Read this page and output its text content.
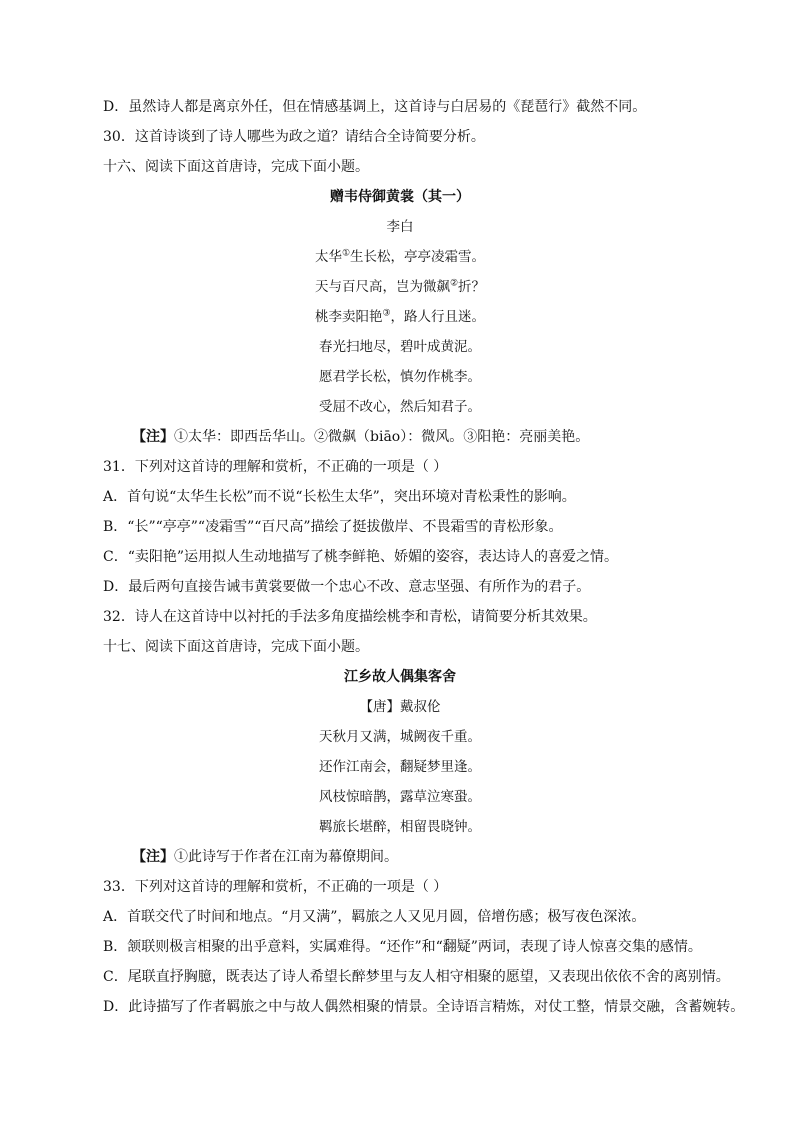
D．虽然诗人都是离京外任，但在情感基调上，这首诗与白居易的《琵琶行》截然不同。
30．这首诗谈到了诗人哪些为政之道？请结合全诗简要分析。
十六、阅读下面这首唐诗，完成下面小题。
赠韦侍御黄裳（其一）
李白
太华①生长松，亭亭凌霜雪。
天与百尺高，岂为微飙②折？
桃李卖阳艳③，路人行且迷。
春光扫地尽，碧叶成黄泥。
愿君学长松，慎勿作桃李。
受屈不改心，然后知君子。
【注】①太华：即西岳华山。②微飙（biāo）：微风。③阳艳：亮丽美艳。
31．下列对这首诗的理解和赏析，不正确的一项是（ ）
A．首句说“太华生长松”而不说“长松生太华”，突出环境对青松秉性的影响。
B．“长”“亭亭”“凌霜雪”“百尺高”描绘了挺拔傲岸、不畏霜雪的青松形象。
C．“卖阳艳”运用拟人生动地描写了桃李鲜艳、娇媚的姿容，表达诗人的喜爱之情。
D．最后两句直接告诫韦黄裳要做一个忠心不改、意志坚强、有所作为的君子。
32．诗人在这首诗中以衬托的手法多角度描绘桃李和青松，请简要分析其效果。
十七、阅读下面这首唐诗，完成下面小题。
江乡故人偶集客舍
【唐】戴叔伦
天秋月又满，城阙夜千重。
还作江南会，翻疑梦里逢。
风枝惊暗鹊，露草泣寒蛩。
羁旅长堪醉，相留畏晓钟。
【注】①此诗写于作者在江南为幕僚期间。
33．下列对这首诗的理解和赏析，不正确的一项是（ ）
A．首联交代了时间和地点。“月又满”，羁旅之人又见月圆，倍增伤感；极写夜色深浓。
B．颔联则极言相聚的出乎意料，实属难得。“还作”和“翻疑”两词，表现了诗人惊喜交集的感情。
C．尾联直抒胸臆，既表达了诗人希望长醉梦里与友人相守相聚的愿望，又表现出依依不舍的离别情。
D．此诗描写了作者羁旅之中与故人偶然相聚的情景。全诗语言精炼，对仗工整，情景交融，含蓄婉转。
